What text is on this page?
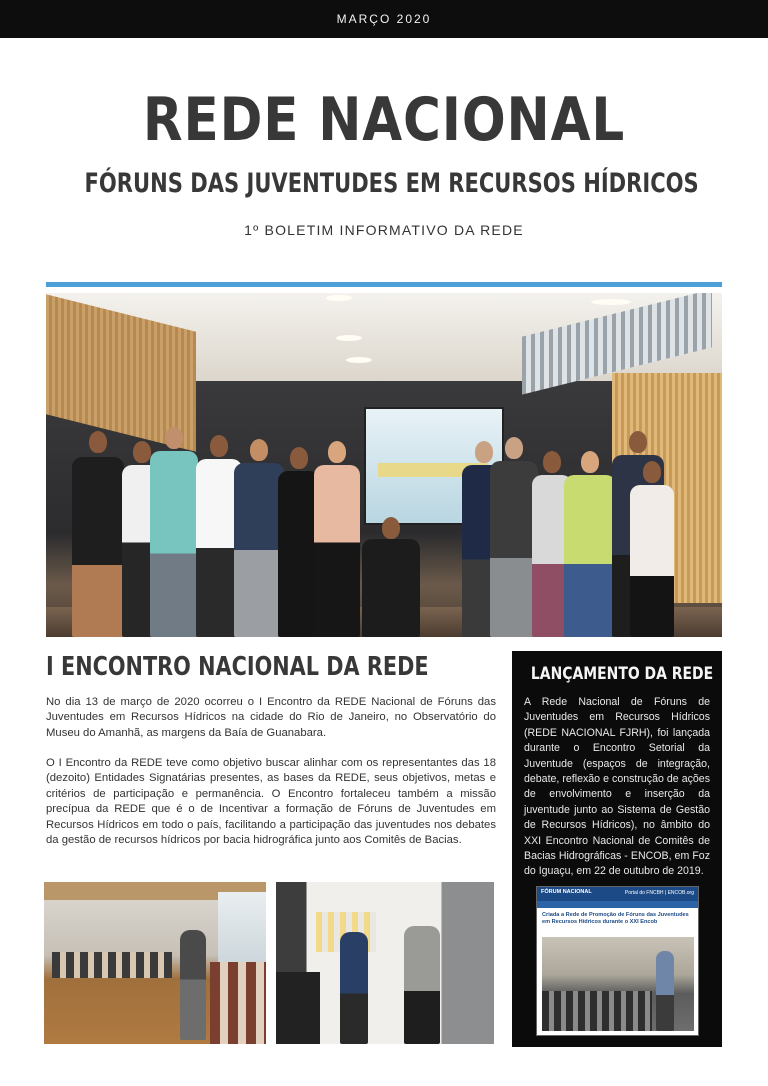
MARÇO 2020
REDE NACIONAL
FÓRUNS DAS JUVENTUDES EM RECURSOS HÍDRICOS
1º BOLETIM INFORMATIVO DA REDE
I ENCONTRO NACIONAL DA REDE

No dia 13 de março de 2020 ocorreu o I Encontro da REDE Nacional de Fóruns das Juventudes em Recursos Hídricos na cidade do Rio de Janeiro, no Observatório do Museu do Amanhã, as margens da Baía de Guanabara.

O I Encontro da REDE teve como objetivo buscar alinhar com os representantes das 18 (dezoito) Entidades Signatárias presentes, as bases da REDE, seus objetivos, metas e critérios de participação e permanência. O Encontro fortaleceu também a missão precípua da REDE que é o de Incentivar a formação de Fóruns de Juventudes em Recursos Hídricos em todo o país, facilitando a participação das juventudes nos debates da gestão de recursos hídricos por bacia hidrográfica junto aos Comitês de Bacias.

LANÇAMENTO DA REDE

A Rede Nacional de Fóruns de Juventudes em Recursos Hídricos (REDE NACIONAL FJRH), foi lançada durante o Encontro Setorial da Juventude (espaços de integração, debate, reflexão e construção de ações de envolvimento e inserção da juventude junto ao Sistema de Gestão de Recursos Hídricos), no âmbito do XXI Encontro Nacional de Comitês de Bacias Hidrográficas - ENCOB, em Foz do Iguaçu, em 22 de outubro de 2019.

FÓRUM NACIONAL	Portal do FNCBH | ENCOB.org
Criada a Rede de Promoção de Fóruns das Juventudes em Recursos Hídricos durante o XXI Encob
